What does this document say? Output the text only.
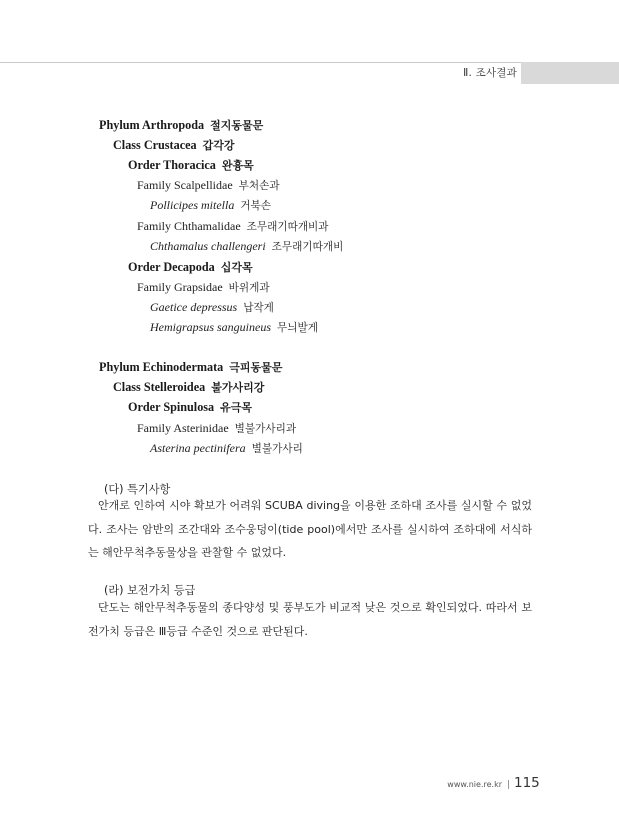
Ⅱ. 조사결과
Phylum Arthropoda 절지동물문
Class Crustacea 갑각강
Order Thoracica 완흉목
Family Scalpellidae 부처손과
Pollicipes mitella 거북손
Family Chthamalidae 조무래기따개비과
Chthamalus challengeri 조무래기따개비
Order Decapoda 십각목
Family Grapsidae 바위게과
Gaetice depressus 납작게
Hemigrapsus sanguineus 무늬발게
Phylum Echinodermata 극피동물문
Class Stelleroidea 불가사리강
Order Spinulosa 유극목
Family Asterinidae 별불가사리과
Asterina pectinifera 별불가사리
(다) 특기사항

안개로 인하여 시야 확보가 어려워 SCUBA diving을 이용한 조하대 조사를 실시할 수 없었다. 조사는 암반의 조간대와 조수웅덩이(tide pool)에서만 조사를 실시하여 조하대에 서식하는 해안무척추동물상을 관찰할 수 없었다.

(라) 보전가치 등급

단도는 해안무척추동물의 종다양성 및 풍부도가 비교적 낮은 것으로 확인되었다. 따라서 보전가치 등급은 Ⅲ등급 수준인 것으로 판단된다.

www.nie.re.kr 115
